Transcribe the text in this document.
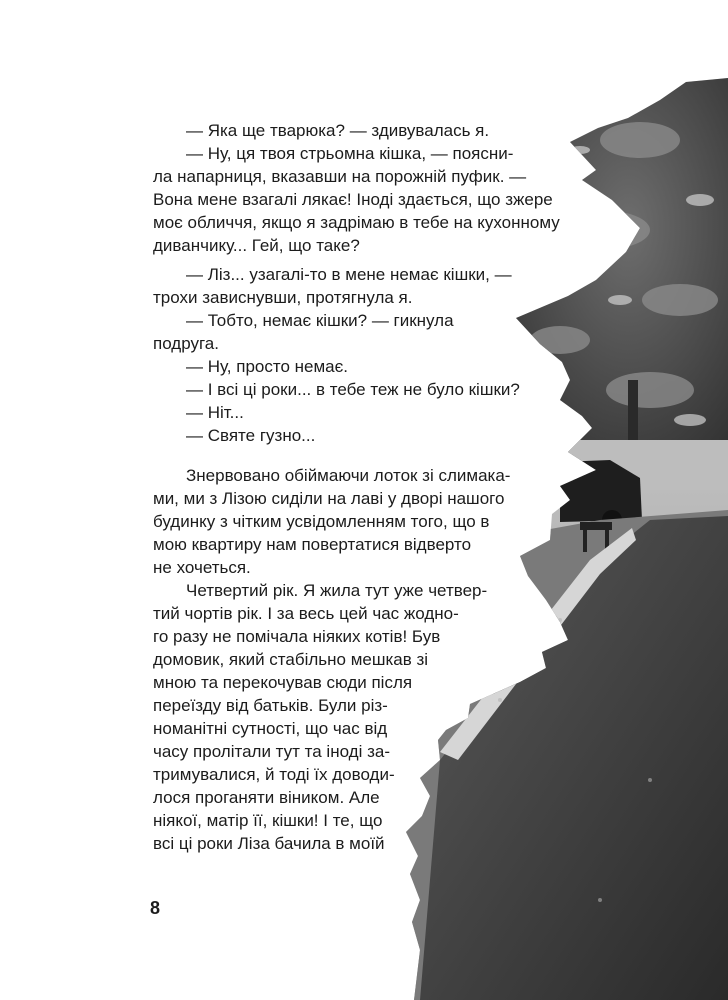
— Яка ще тварюка? — здивувалась я.
— Ну, ця твоя стрьомна кішка, — поясни-
ла напарниця, вказавши на порожній пуфик. —
Вона мене взагалі лякає! Іноді здається, що зжере
моє обличчя, якщо я задрімаю в тебе на кухонному
диванчику... Гей, що таке?
— Ліз... узагалі-то в мене немає кішки, —
трохи зависнувши, протягнула я.
— Тобто, немає кішки? — гикнула
подруга.
— Ну, просто немає.
— І всі ці роки... в тебе теж не було кішки?
— Ніт...
— Святе гузно...
Знервовано обіймаючи лоток зі слимака-
ми, ми з Лізою сиділи на лаві у дворі нашого
будинку з чітким усвідомленням того, що в
мою квартиру нам повертатися відверто
не хочеться.
Четвертий рік. Я жила тут уже четвер-
тий чортів рік. І за весь цей час жодно-
го разу не помічала ніяких котів! Був
домовик, який стабільно мешкав зі
мною та перекочував сюди після
переїзду від батьків. Були різ-
номанітні сутності, що час від
часу пролітали тут та іноді за-
тримувалися, й тоді їх доводи-
лося проганяти віником. Але
ніякої, матір її, кішки! І те, що
всі ці роки Ліза бачила в моїй
8
